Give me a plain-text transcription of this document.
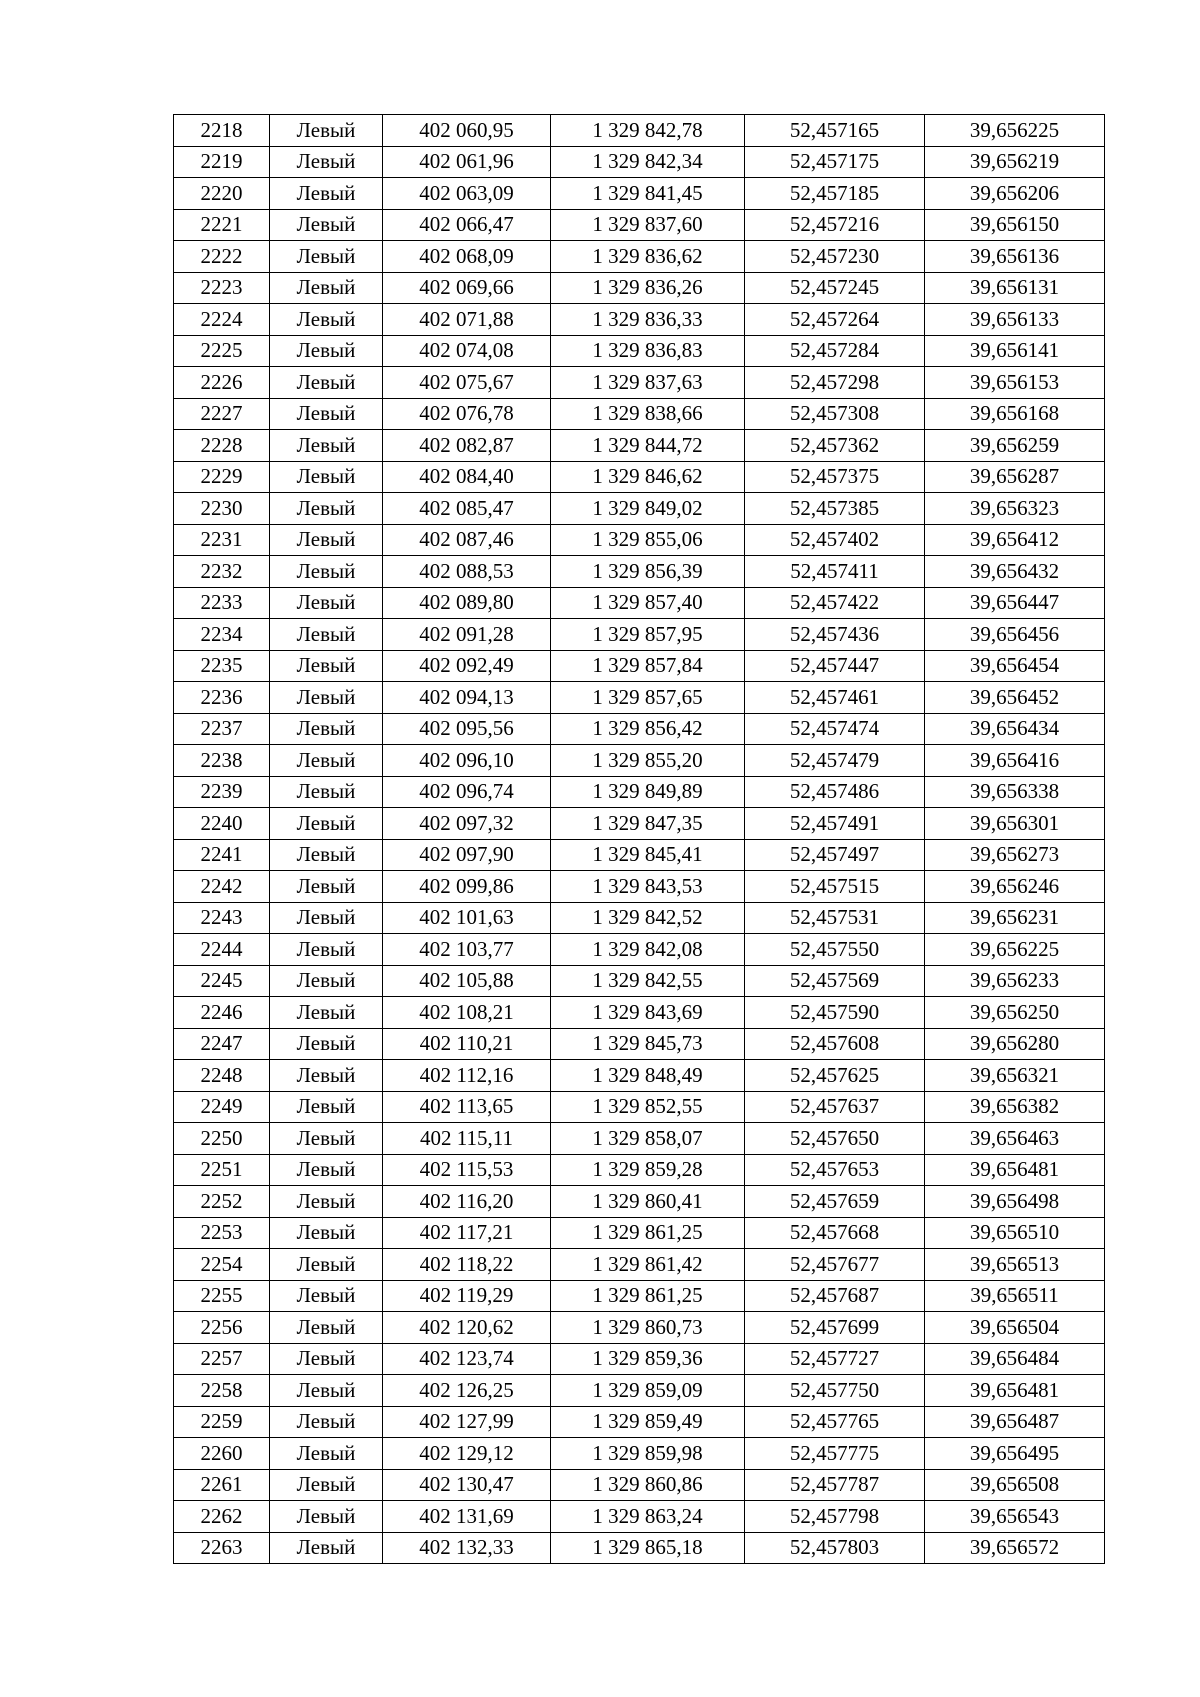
2218	Левый	402 060,95	1 329 842,78	52,457165	39,656225
2219	Левый	402 061,96	1 329 842,34	52,457175	39,656219
2220	Левый	402 063,09	1 329 841,45	52,457185	39,656206
2221	Левый	402 066,47	1 329 837,60	52,457216	39,656150
2222	Левый	402 068,09	1 329 836,62	52,457230	39,656136
2223	Левый	402 069,66	1 329 836,26	52,457245	39,656131
2224	Левый	402 071,88	1 329 836,33	52,457264	39,656133
2225	Левый	402 074,08	1 329 836,83	52,457284	39,656141
2226	Левый	402 075,67	1 329 837,63	52,457298	39,656153
2227	Левый	402 076,78	1 329 838,66	52,457308	39,656168
2228	Левый	402 082,87	1 329 844,72	52,457362	39,656259
2229	Левый	402 084,40	1 329 846,62	52,457375	39,656287
2230	Левый	402 085,47	1 329 849,02	52,457385	39,656323
2231	Левый	402 087,46	1 329 855,06	52,457402	39,656412
2232	Левый	402 088,53	1 329 856,39	52,457411	39,656432
2233	Левый	402 089,80	1 329 857,40	52,457422	39,656447
2234	Левый	402 091,28	1 329 857,95	52,457436	39,656456
2235	Левый	402 092,49	1 329 857,84	52,457447	39,656454
2236	Левый	402 094,13	1 329 857,65	52,457461	39,656452
2237	Левый	402 095,56	1 329 856,42	52,457474	39,656434
2238	Левый	402 096,10	1 329 855,20	52,457479	39,656416
2239	Левый	402 096,74	1 329 849,89	52,457486	39,656338
2240	Левый	402 097,32	1 329 847,35	52,457491	39,656301
2241	Левый	402 097,90	1 329 845,41	52,457497	39,656273
2242	Левый	402 099,86	1 329 843,53	52,457515	39,656246
2243	Левый	402 101,63	1 329 842,52	52,457531	39,656231
2244	Левый	402 103,77	1 329 842,08	52,457550	39,656225
2245	Левый	402 105,88	1 329 842,55	52,457569	39,656233
2246	Левый	402 108,21	1 329 843,69	52,457590	39,656250
2247	Левый	402 110,21	1 329 845,73	52,457608	39,656280
2248	Левый	402 112,16	1 329 848,49	52,457625	39,656321
2249	Левый	402 113,65	1 329 852,55	52,457637	39,656382
2250	Левый	402 115,11	1 329 858,07	52,457650	39,656463
2251	Левый	402 115,53	1 329 859,28	52,457653	39,656481
2252	Левый	402 116,20	1 329 860,41	52,457659	39,656498
2253	Левый	402 117,21	1 329 861,25	52,457668	39,656510
2254	Левый	402 118,22	1 329 861,42	52,457677	39,656513
2255	Левый	402 119,29	1 329 861,25	52,457687	39,656511
2256	Левый	402 120,62	1 329 860,73	52,457699	39,656504
2257	Левый	402 123,74	1 329 859,36	52,457727	39,656484
2258	Левый	402 126,25	1 329 859,09	52,457750	39,656481
2259	Левый	402 127,99	1 329 859,49	52,457765	39,656487
2260	Левый	402 129,12	1 329 859,98	52,457775	39,656495
2261	Левый	402 130,47	1 329 860,86	52,457787	39,656508
2262	Левый	402 131,69	1 329 863,24	52,457798	39,656543
2263	Левый	402 132,33	1 329 865,18	52,457803	39,656572
